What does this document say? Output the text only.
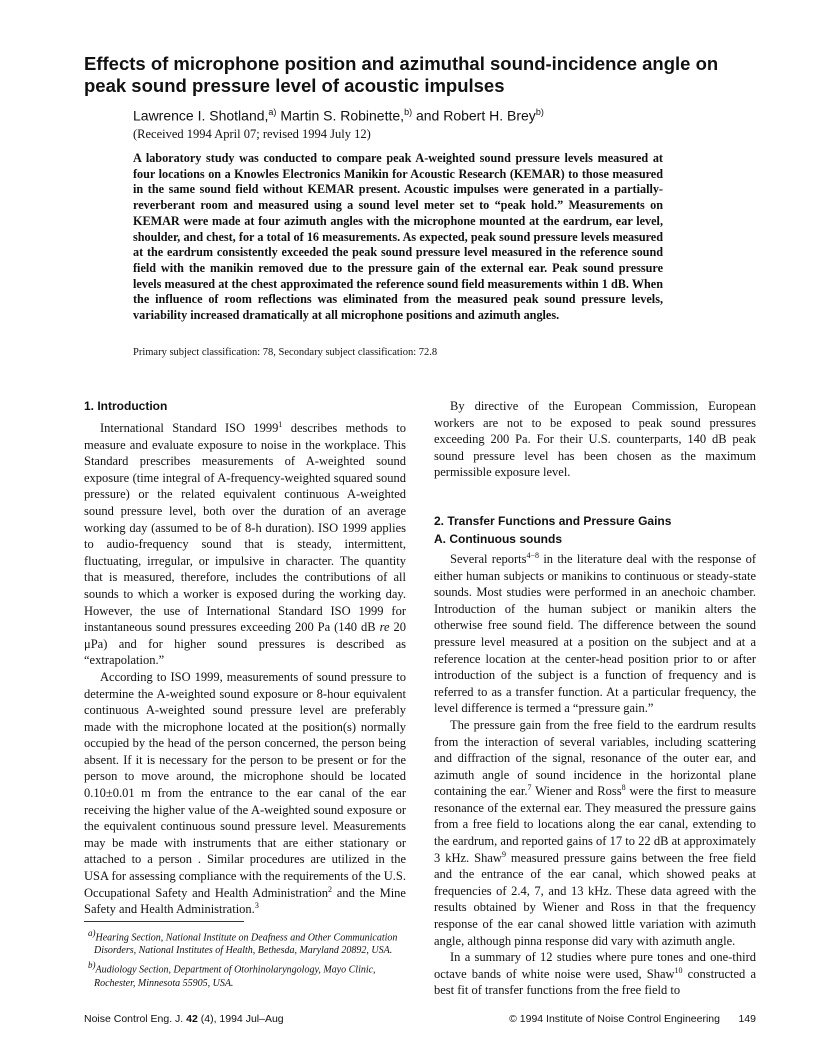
Effects of microphone position and azimuthal sound-incidence angle on peak sound pressure level of acoustic impulses
Lawrence I. Shotland,$^{a)}$ Martin S. Robinette,$^{b)}$ and Robert H. Brey$^{b)}$
(Received 1994 April 07; revised 1994 July 12)

A laboratory study was conducted to compare peak A-weighted sound pressure levels measured at four locations on a Knowles Electronics Manikin for Acoustic Research (KEMAR) to those measured in the same sound field without KEMAR present. Acoustic impulses were generated in a partially-reverberant room and measured using a sound level meter set to “peak hold.” Measurements on KEMAR were made at four azimuth angles with the microphone mounted at the eardrum, ear level, shoulder, and chest, for a total of 16 measurements. As expected, peak sound pressure levels measured at the eardrum consistently exceeded the peak sound pressure level measured in the reference sound field with the manikin removed due to the pressure gain of the external ear. Peak sound pressure levels measured at the chest approximated the reference sound field measurements within 1 dB. When the influence of room reflections was eliminated from the measured peak sound pressure levels, variability increased dramatically at all microphone positions and azimuth angles.

Primary subject classification: 78, Secondary subject classification: 72.8
1. Introduction

International Standard ISO 1999$^1$ describes methods to measure and evaluate exposure to noise in the workplace. This Standard prescribes measurements of A-weighted sound exposure (time integral of A-frequency-weighted squared sound pressure) or the related equivalent continuous A-weighted sound pressure level, both over the duration of an average working day (assumed to be of 8-h duration). ISO 1999 applies to audio-frequency sound that is steady, intermittent, fluctuating, irregular, or impulsive in character. The quantity that is measured, therefore, includes the contributions of all sounds to which a worker is exposed during the working day. However, the use of International Standard ISO 1999 for instantaneous sound pressures exceeding 200 Pa (140 dB re 20 μPa) and for higher sound pressures is described as “extrapolation.”

According to ISO 1999, measurements of sound pressure to determine the A-weighted sound exposure or 8-hour equivalent continuous A-weighted sound pressure level are preferably made with the microphone located at the position(s) normally occupied by the head of the person concerned, the person being absent. If it is necessary for the person to be present or for the person to move around, the microphone should be located 0.10±0.01 m from the entrance to the ear canal of the ear receiving the higher value of the A-weighted sound exposure or the equivalent continuous sound pressure level. Measurements may be made with instruments that are either stationary or attached to a person . Similar procedures are utilized in the USA for assessing compliance with the requirements of the U.S. Occupational Safety and Health Administration$^2$ and the Mine Safety and Health Administration.$^3$

By directive of the European Commission, European workers are not to be exposed to peak sound pressures exceeding 200 Pa. For their U.S. counterparts, 140 dB peak sound pressure level has been chosen as the maximum permissible exposure level.

2. Transfer Functions and Pressure Gains
A. Continuous sounds

Several reports$^{4-8}$ in the literature deal with the response of either human subjects or manikins to continuous or steady-state sounds. Most studies were performed in an anechoic chamber. Introduction of the human subject or manikin alters the otherwise free sound field. The difference between the sound pressure level measured at a position on the subject and at a reference location at the center-head position prior to or after introduction of the subject is a function of frequency and is referred to as a transfer function. At a particular frequency, the level difference is termed a “pressure gain.”

The pressure gain from the free field to the eardrum results from the interaction of several variables, including scattering and diffraction of the signal, resonance of the outer ear, and azimuth angle of sound incidence in the horizontal plane containing the ear.$^7$ Wiener and Ross$^8$ were the first to measure resonance of the external ear. They measured the pressure gains from a free field to locations along the ear canal, extending to the eardrum, and reported gains of 17 to 22 dB at approximately 3 kHz. Shaw$^9$ measured pressure gains between the free field and the entrance of the ear canal, which showed peaks at frequencies of 2.4, 7, and 13 kHz. These data agreed with the results obtained by Wiener and Ross in that the frequency response of the ear canal showed little variation with azimuth angle, although pinna response did vary with azimuth angle.

In a summary of 12 studies where pure tones and one-third octave bands of white noise were used, Shaw$^{10}$ constructed a best fit of transfer functions from the free field to

$^{a)}$Hearing Section, National Institute on Deafness and Other Communication Disorders, National Institutes of Health, Bethesda, Maryland 20892, USA.

$^{b)}$Audiology Section, Department of Otorhinolaryngology, Mayo Clinic, Rochester, Minnesota 55905, USA.

Noise Control Eng. J. 42 (4), 1994 Jul–Aug	© 1994 Institute of Noise Control Engineering 149
